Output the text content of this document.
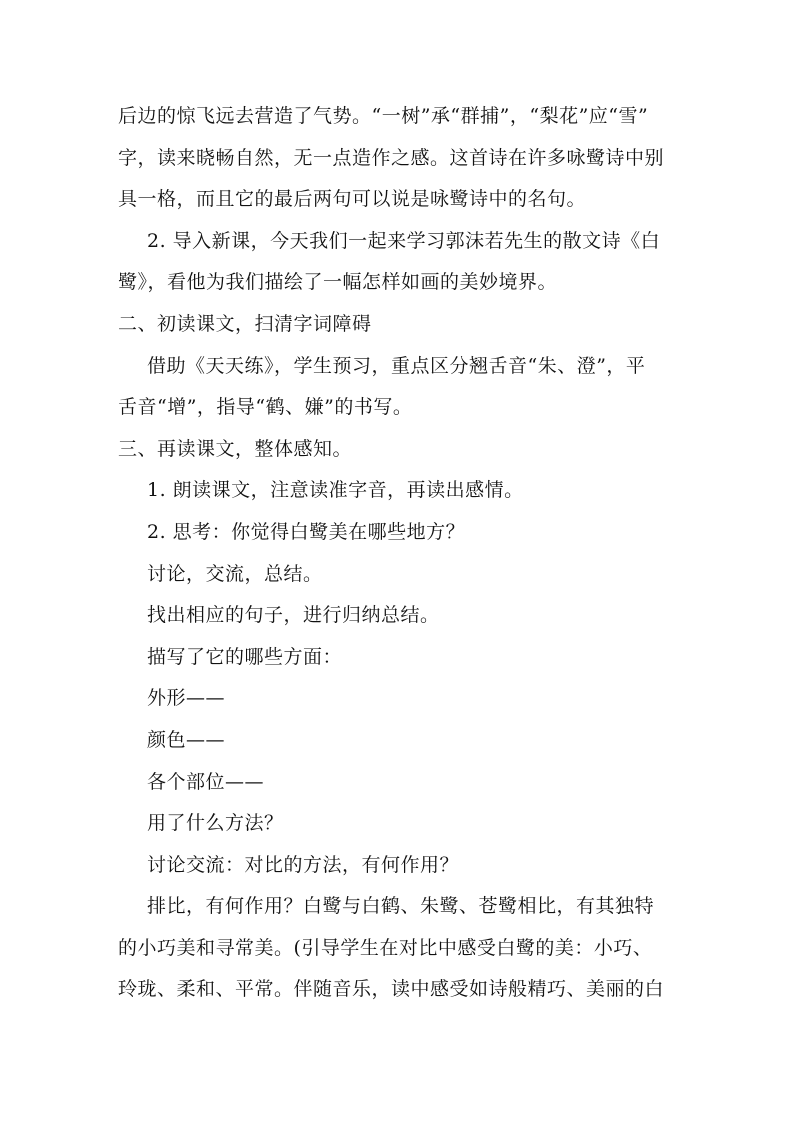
后边的惊飞远去营造了气势。“一树”承“群捕”，“梨花”应“雪”
字，读来晓畅自然，无一点造作之感。这首诗在许多咏鹭诗中别
具一格，而且它的最后两句可以说是咏鹭诗中的名句。
2. 导入新课，今天我们一起来学习郭沫若先生的散文诗《白
鹭》，看他为我们描绘了一幅怎样如画的美妙境界。
二、初读课文，扫清字词障碍
借助《天天练》，学生预习，重点区分翘舌音“朱、澄”，平
舌音“增”，指导“鹤、嫌”的书写。
三、再读课文，整体感知。
1. 朗读课文，注意读准字音，再读出感情。
2. 思考：你觉得白鹭美在哪些地方？
讨论，交流，总结。
找出相应的句子，进行归纳总结。
描写了它的哪些方面：
外形——
颜色——
各个部位——
用了什么方法？
讨论交流：对比的方法，有何作用？
排比，有何作用？白鹭与白鹤、朱鹭、苍鹭相比，有其独特
的小巧美和寻常美。(引导学生在对比中感受白鹭的美：小巧、
玲珑、柔和、平常。伴随音乐，读中感受如诗般精巧、美丽的白
